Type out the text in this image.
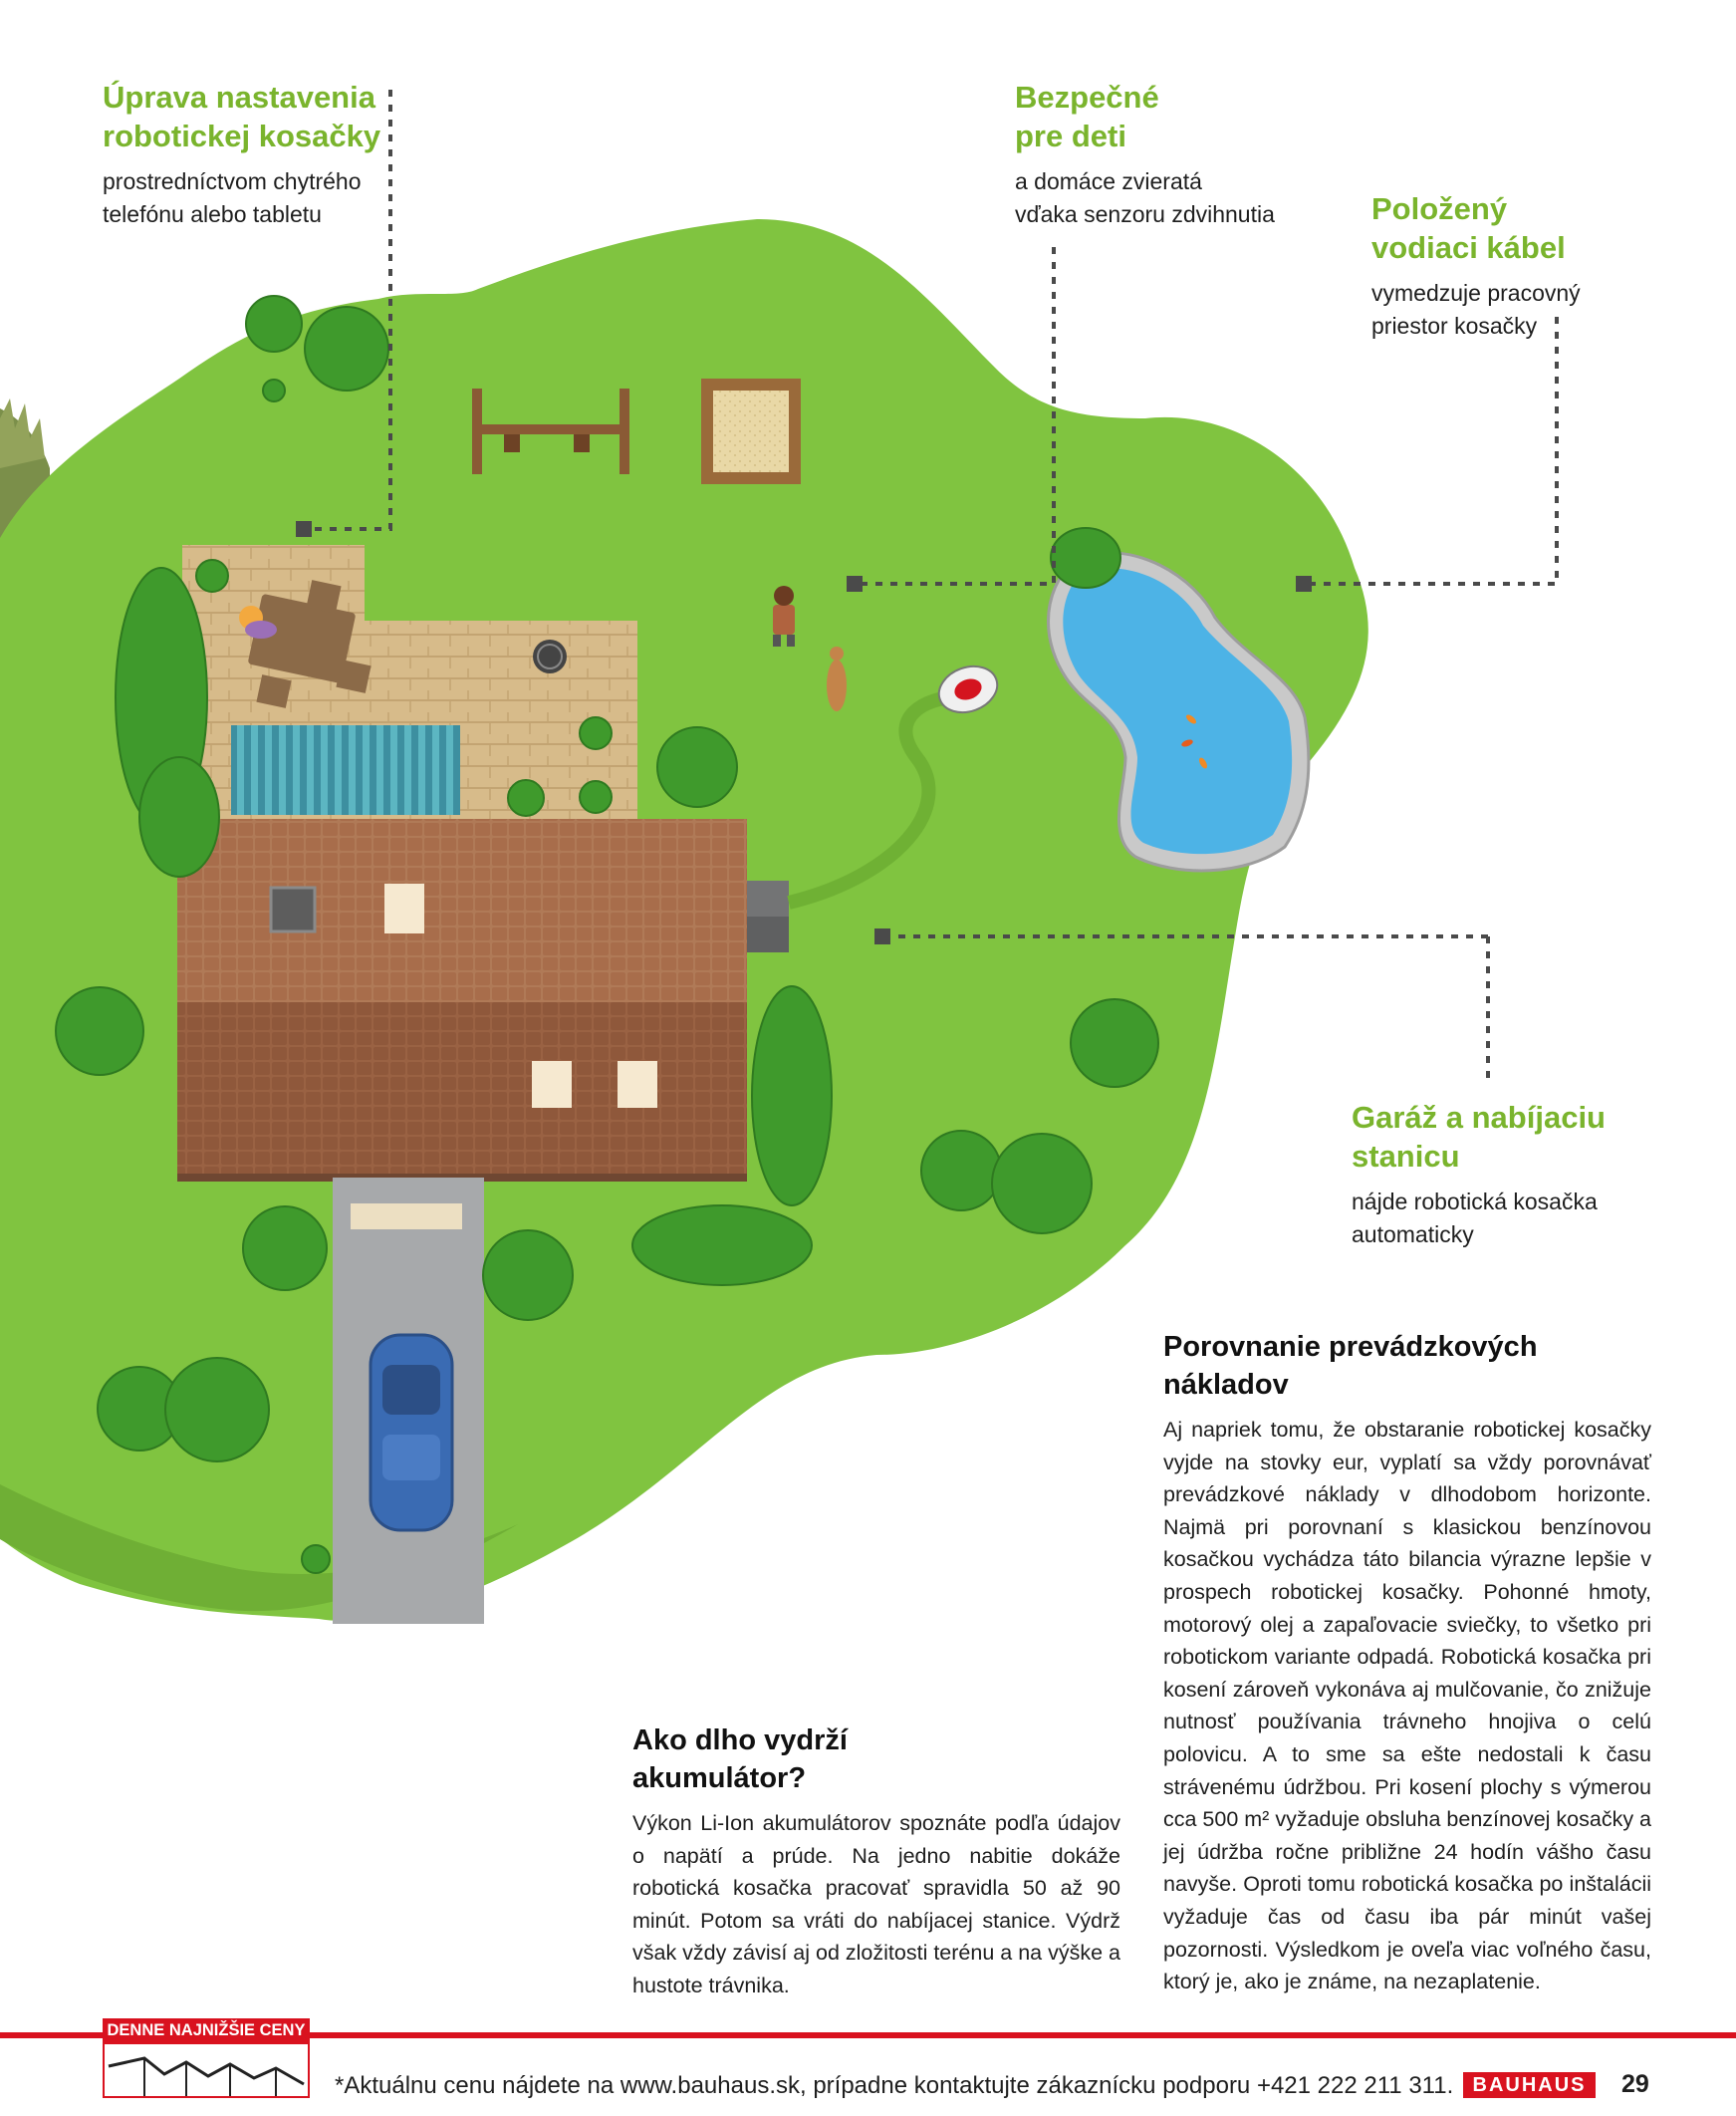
Úprava nastavenia
robotickej kosačky

prostredníctvom chytrého
telefónu alebo tabletu

Bezpečné
pre deti

a domáce zvieratá
vďaka senzoru zdvihnutia	Položený
vodiaci kábel

vymedzuje pracovný
priestor kosačky

Garáž a nabíjaciu
stanicu

nájde robotická kosačka
automaticky

Porovnanie prevádzkových
nákladov

Aj napriek tomu, že obstaranie robotickej kosačky vyjde na stovky eur, vyplatí sa vždy porovnávať prevádzkové náklady v dlhodobom horizonte. Najmä pri porovnaní s klasickou benzínovou kosačkou vychádza táto bilancia výrazne lepšie v prospech robotickej kosačky. Pohonné hmoty, motorový olej a zapaľovacie sviečky, to všetko pri robotickom variante odpadá. Robotická kosačka pri kosení zároveň vykonáva aj mulčovanie, čo znižuje nutnosť používania trávneho hnojiva o celú polovicu. A to sme sa ešte nedostali k času strávenému údržbou. Pri kosení plochy s výmerou cca 500 m² vyžaduje obsluha benzínovej kosačky a jej údržba ročne približne 24 hodín vášho času navyše. Oproti tomu robotická kosačka po inštalácii vyžaduje čas od času iba pár minút vašej pozornosti. Výsledkom je oveľa viac voľného času, ktorý je, ako je známe, na nezaplatenie.

Ako dlho vydrží
akumulátor?

Výkon Li-Ion akumulátorov spoznáte podľa údajov o napätí a prúde. Na jedno nabitie dokáže robotická kosačka pracovať spravidla 50 až 90 minút. Potom sa vráti do nabíjacej stanice. Výdrž však vždy závisí aj od zložitosti terénu a na výške a hustote trávnika.

DENNE NAJNIŽŠIE CENY
*Aktuálnu cenu nájdete na www.bauhaus.sk, prípadne kontaktujte zákaznícku podporu +421 222 211 311. BAUHAUS	29
